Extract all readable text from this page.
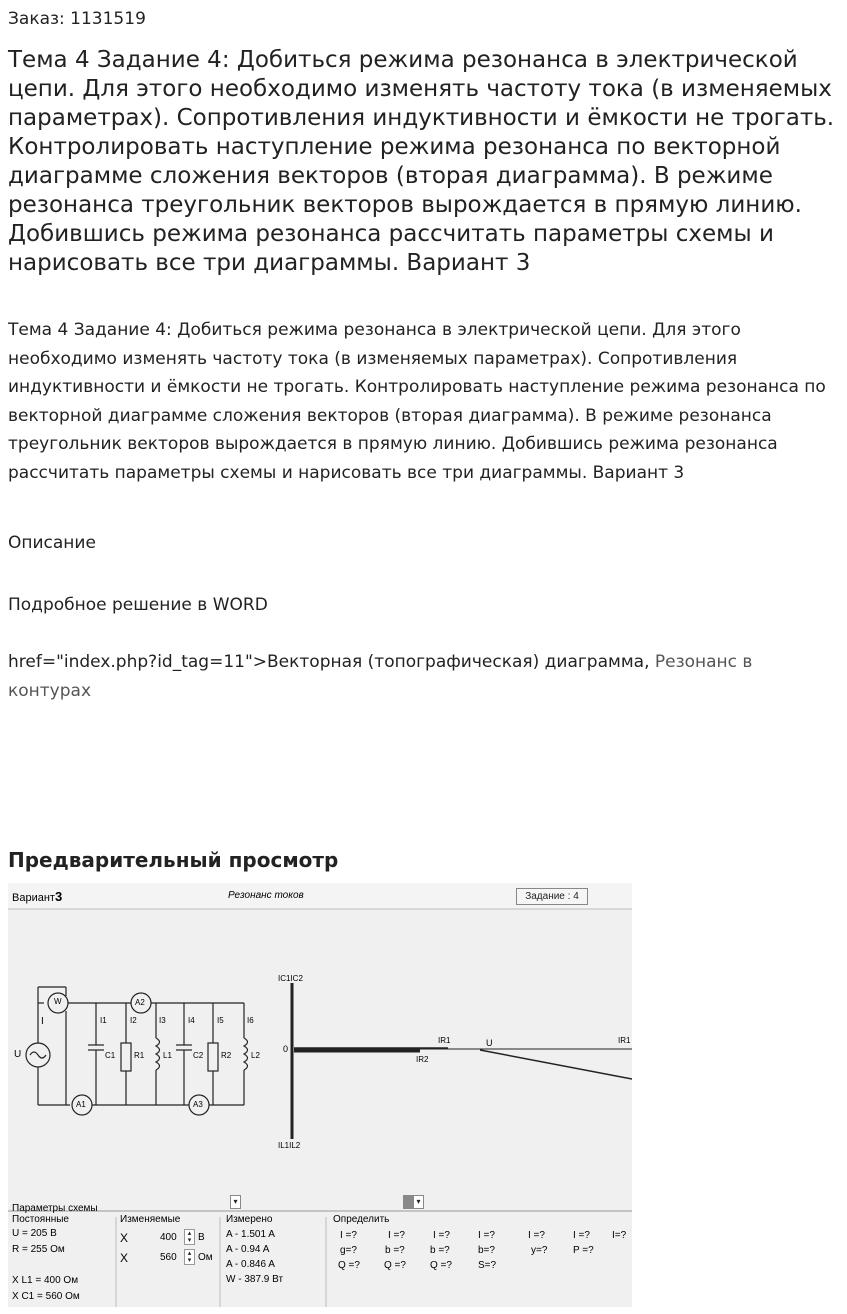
Заказ: 1131519
Тема 4 Задание 4: Добиться режима резонанса в электрической цепи. Для этого необходимо изменять частоту тока (в изменяемых параметрах). Сопротивления индуктивности и ёмкости не трогать. Контролировать наступление режима резонанса по векторной диаграмме сложения векторов (вторая диаграмма). В режиме резонанса треугольник векторов вырождается в прямую линию. Добившись режима резонанса рассчитать параметры схемы и нарисовать все три диаграммы. Вариант 3

Тема 4 Задание 4: Добиться режима резонанса в электрической цепи. Для этого необходимо изменять частоту тока (в изменяемых параметрах). Сопротивления индуктивности и ёмкости не трогать. Контролировать наступление режима резонанса по векторной диаграмме сложения векторов (вторая диаграмма). В режиме резонанса треугольник векторов вырождается в прямую линию. Добившись режима резонанса рассчитать параметры схемы и нарисовать все три диаграммы. Вариант 3

Описание
Подробное решение в WORD
href="index.php?id_tag=11">Векторная (топографическая) диаграмма, Резонанс в контурах
Предварительный просмотр
Вариант3	Резонанс токов	Задание : 4
U
W	A2
A1	A3
I	I1	I2	I3	I4	I5	I6
C1 R1 L1	C2 R2 L2
IC1IC2
IL1IL2
0
IR1
IR2
U	IR1
▾	▾
Параметры схемы
Постоянные
U = 205 В
R = 255 Ом
X L1 = 400 Ом
X C1 = 560 Ом
Изменяемые
X	400	▴
▾ В
X	560	▴
▾ Ом
Измерено
A - 1.501 A
A - 0.94 A
A - 0.846 A
W - 387.9 Вт
Определить
I =?	I =?	I =?	I =?	I =?	I =? I=?
g=?	b =?	b =?	b=?	y=?	P =?
Q =? Q =? Q =?	S=?
